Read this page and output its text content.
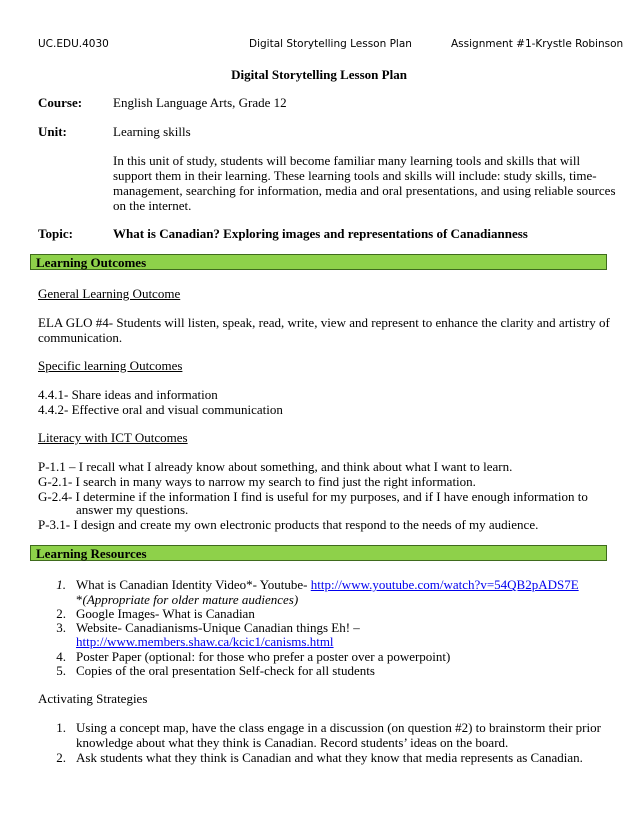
UC.EDU.4030	Digital Storytelling Lesson Plan	Assignment #1-Krystle Robinson
Digital Storytelling Lesson Plan
Course: English Language Arts, Grade 12
Unit:	Learning skills
In this unit of study, students will become familiar many learning tools and skills that will
support them in their learning. These learning tools and skills will include: study skills, time-
management, searching for information, media and oral presentations, and using reliable sources
on the internet.
Topic:	What is Canadian? Exploring images and representations of Canadianness
Learning Outcomes
General Learning Outcome
ELA GLO #4- Students will listen, speak, read, write, view and represent to enhance the clarity and artistry of
communication.
Specific learning Outcomes
4.4.1- Share ideas and information
4.4.2- Effective oral and visual communication
Literacy with ICT Outcomes
P-1.1 – I recall what I already know about something, and think about what I want to learn.
G-2.1- I search in many ways to narrow my search to find just the right information.
G-2.4- I determine if the information I find is useful for my purposes, and if I have enough information to
answer my questions.
P-3.1- I design and create my own electronic products that respond to the needs of my audience.
Learning Resources
1. What is Canadian Identity Video*- Youtube- http://www.youtube.com/watch?v=54QB2pADS7E
*(Appropriate for older mature audiences)
2. Google Images- What is Canadian
3. Website- Canadianisms-Unique Canadian things Eh! –
http://www.members.shaw.ca/kcic1/canisms.html
4. Poster Paper (optional: for those who prefer a poster over a powerpoint)
5. Copies of the oral presentation Self-check for all students
Activating Strategies
1. Using a concept map, have the class engage in a discussion (on question #2) to brainstorm their prior
knowledge about what they think is Canadian. Record students’ ideas on the board.
2. Ask students what they think is Canadian and what they know that media represents as Canadian.
